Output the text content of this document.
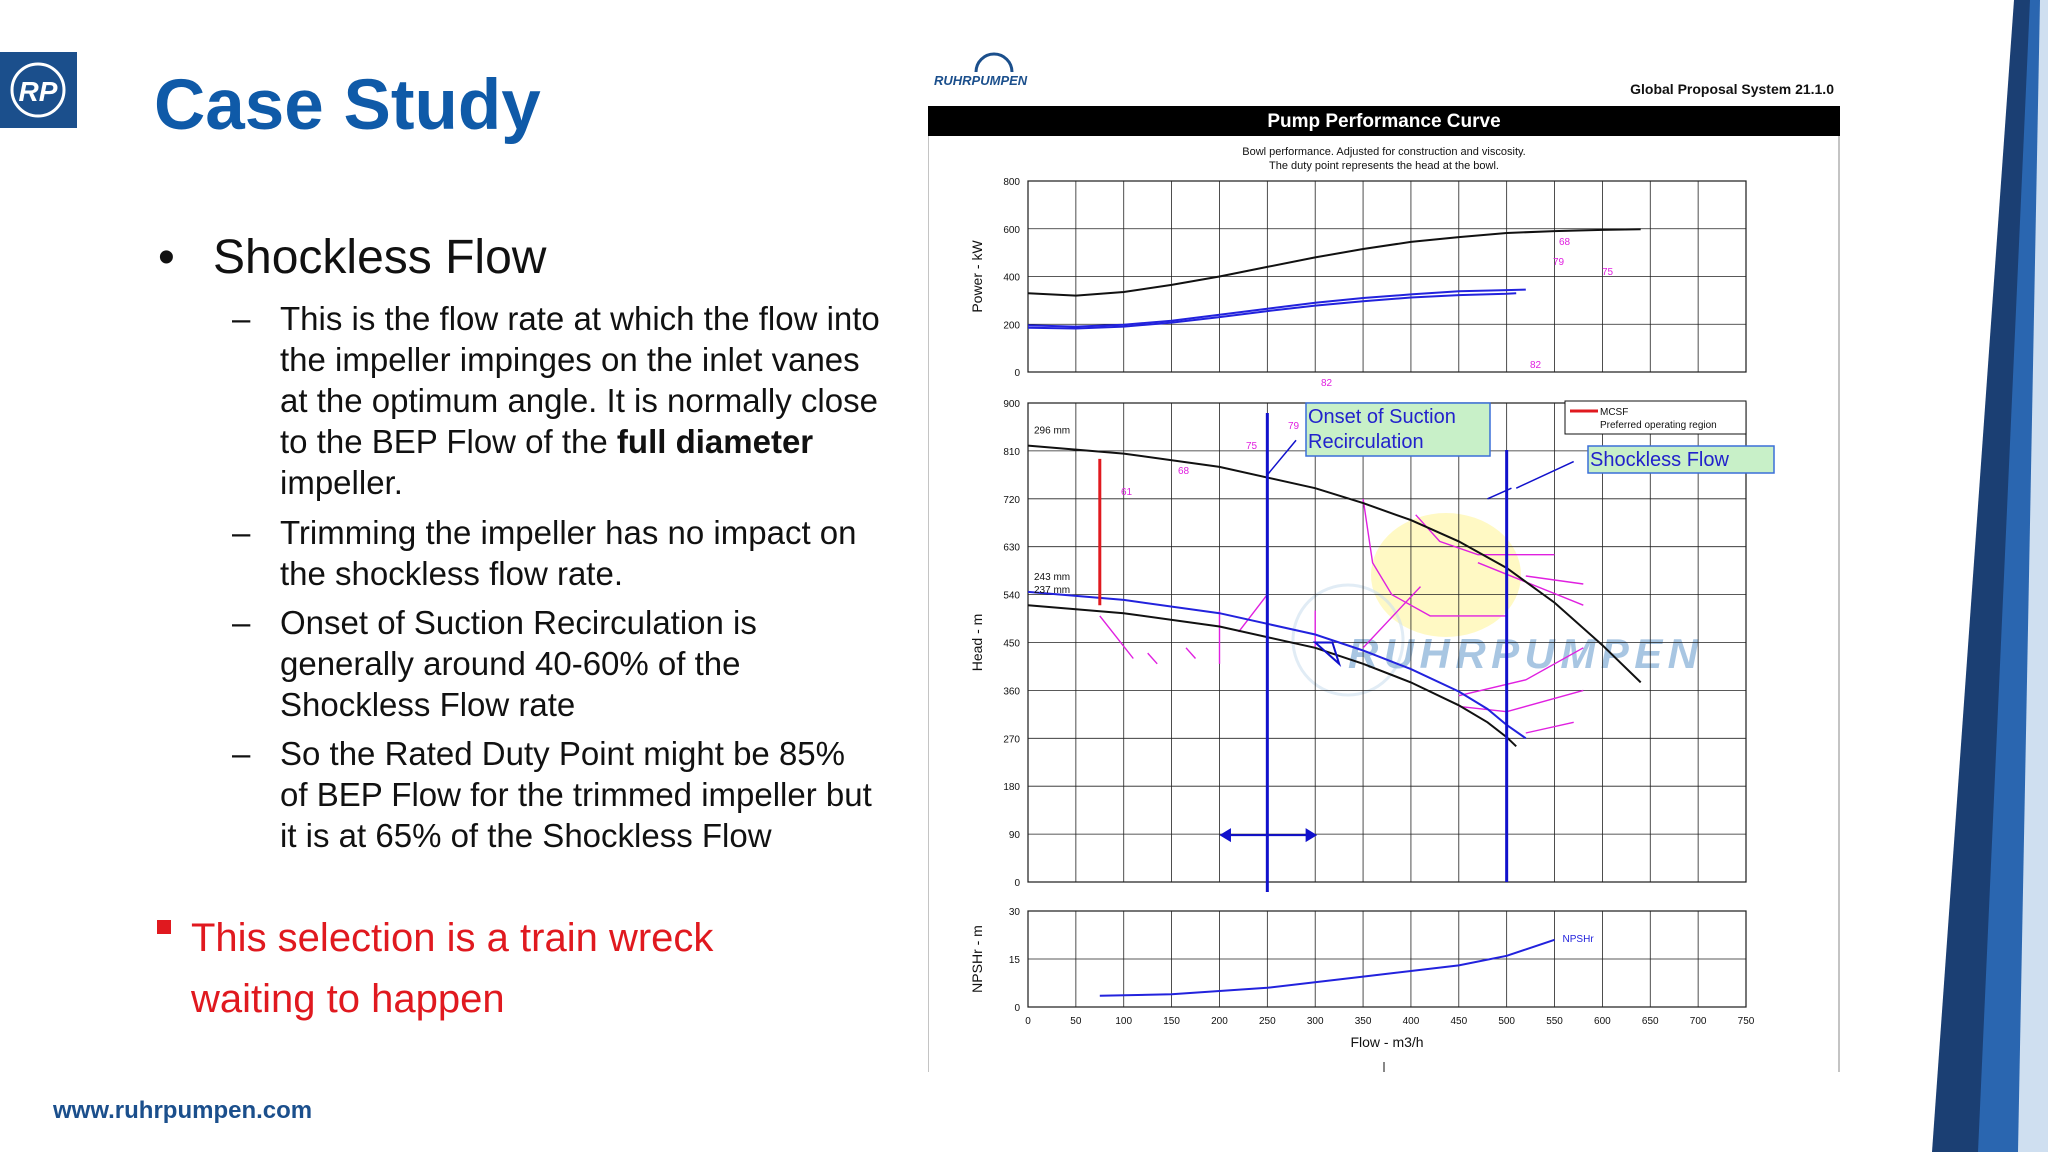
RP Case Study
• Shockless Flow
– This is the flow rate at which the flow into the impeller impinges on the inlet vanes at the optimum angle. It is normally close to the BEP Flow of the full diameter impeller.
– Trimming the impeller has no impact on the shockless flow rate.
– Onset of Suction Recirculation is generally around 40-60% of the Shockless Flow rate
– So the Rated Duty Point might be 85% of BEP Flow for the trimmed impeller but it is at 65% of the Shockless Flow
This selection is a train wreck
waiting to happen
www.ruhrpumpen.com
RUHRPUMPEN
Global Proposal System 21.1.0
Pump Performance Curve
Bowl performance. Adjusted for construction and viscosity.
The duty point represents the head at the bowl.
RUHRPUMPEN
0
200
400
600
800
Power - kW
0
90
180
270
360
450
540
630
720
810
900
Head - m
61
68
75
79
82
82
79
75
68
296 mm
243 mm
237 mm
0
15
30
NPSHr - m	NPSHr
0	50	100	150	200	250	300	350	400	450	500	550	600	650	700	750
Flow - m3/h
Onset of Suction
Recirculation
Shockless Flow
MCSF
Preferred operating region
